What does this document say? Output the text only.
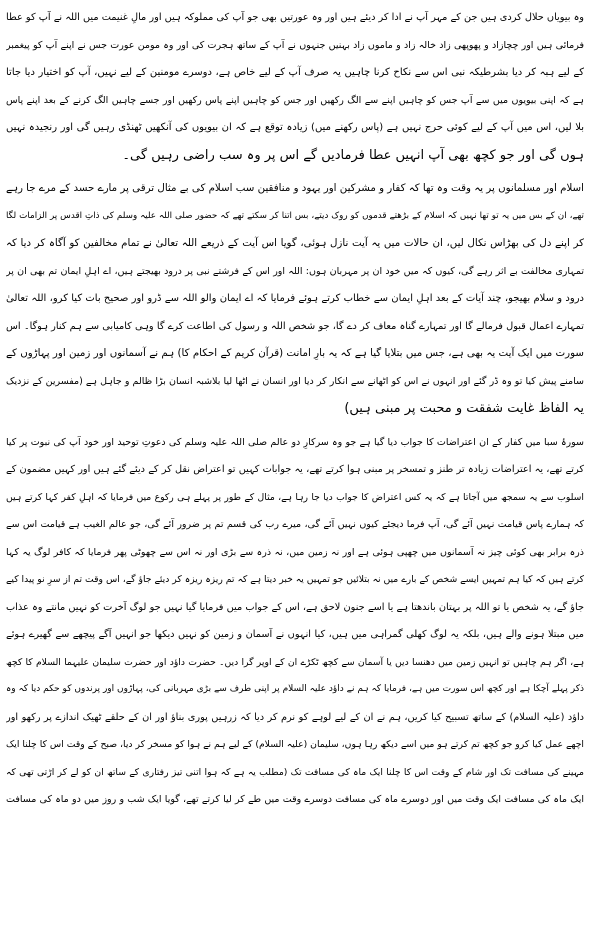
وہ بیویاں حلال کردی ہیں جن کے مہر آپ نے ادا کر دیئے ہیں اور وہ عورتیں بھی جو آپ کی مملوکہ ہیں اور مالِ غنیمت میں اللہ نے آپ کو عطا
فرمائی ہیں اور چچازاد و پھوپھی زاد خالہ زاد و ماموں زاد بہنیں جنہوں نے آپ کے ساتھ ہجرت کی اور وہ مومن عورت جس نے اپنے آپ کو پیغمبر
کے لیے ہبہ کر دیا بشرطیکہ نبی اس سے نکاح کرنا چاہیں یہ صرف آپ کے لیے خاص ہے، دوسرے مومنین کے لیے نہیں، آپ کو اختیار دیا جاتا
ہے کہ اپنی بیویوں میں سے آپ جس کو چاہیں اپنے سے الگ رکھیں اور جس کو چاہیں اپنے پاس رکھیں اور جسے چاہیں الگ کرنے کے بعد اپنے پاس
بلا لیں، اس میں آپ کے لیے کوئی حرج نہیں ہے (پاس رکھنے میں) زیادہ توقع ہے کہ ان بیویوں کی آنکھیں ٹھنڈی رہیں گی اور رنجیدہ نہیں
ہوں گی اور جو کچھ بھی آپ انہیں عطا فرمادیں گے اس پر وہ سب راضی رہیں گی۔
اسلام اور مسلمانوں پر یہ وقت وہ تھا کہ کفار و مشرکین اور یہود و منافقین سب اسلام کی بے مثال ترقی پر مارے حسد کے مرے جا رہے
تھے، ان کے بس میں یہ تو تھا نہیں کہ اسلام کے بڑھتے قدموں کو روک دیتے، بس اتنا کر سکتے تھے کہ حضور صلی اللہ علیہ وسلم کی ذاتِ اقدس پر الزامات لگا
کر اپنے دل کی بھڑاس نکال لیں، ان حالات میں یہ آیت نازل ہوئی، گویا اس آیت کے ذریعے اللہ تعالیٰ نے تمام مخالفین کو آگاہ کر دیا کہ
تمہاری مخالفت بے اثر رہے گی، کیوں کہ میں خود ان پر مہربان ہوں: اللہ اور اس کے فرشتے نبی پر درود بھیجتے ہیں، اے اہلِ ایمان تم بھی ان پر
درود و سلام بھیجو، چند آیات کے بعد اہلِ ایمان سے خطاب کرتے ہوئے فرمایا کہ اے ایمان والو اللہ سے ڈرو اور صحیح بات کیا کرو، اللہ تعالیٰ
تمہارے اعمال قبول فرمالے گا اور تمہارے گناہ معاف کر دے گا، جو شخص اللہ و رسول کی اطاعت کرے گا وہی کامیابی سے ہم کنار ہوگا۔ اس
سورت میں ایک آیت یہ بھی ہے، جس میں بتلایا گیا ہے کہ یہ بارِ امانت (قرآن کریم کے احکام کا) ہم نے آسمانوں اور زمین اور پہاڑوں کے
سامنے پیش کیا تو وہ ڈر گئے اور انہوں نے اس کو اٹھانے سے انکار کر دیا اور انسان نے اٹھا لیا بلاشبہ انسان بڑا ظالم و جاہل ہے (مفسرین کے نزدیک
یہ الفاظ غایت شفقت و محبت پر مبنی ہیں)
سورۂ سبا میں کفار کے ان اعتراضات کا جواب دیا گیا ہے جو وہ سرکارِ دو عالم صلی اللہ علیہ وسلم کی دعوتِ توحید اور خود آپ کی نبوت پر کیا
کرتے تھے، یہ اعتراضات زیادہ تر طنز و تمسخر پر مبنی ہوا کرتے تھے، یہ جوابات کہیں تو اعتراض نقل کر کے دیئے گئے ہیں اور کہیں مضمون کے
اسلوب سے یہ سمجھ میں آجاتا ہے کہ یہ کس اعتراض کا جواب دیا جا رہا ہے، مثال کے طور پر پہلے ہی رکوع میں فرمایا کہ اہلِ کفر کہا کرتے ہیں
کہ ہمارے پاس قیامت نہیں آئے گی، آپ فرما دیجئے کیوں نہیں آئے گی، میرے رب کی قسم تم پر ضرور آئے گی، جو عالم الغیب ہے قیامت اس سے
ذرہ برابر بھی کوئی چیز نہ آسمانوں میں چھپی ہوئی ہے اور نہ زمین میں، نہ ذرہ سے بڑی اور نہ اس سے چھوٹی پھر فرمایا کہ کافر لوگ یہ کہا
کرتے ہیں کہ کیا ہم تمہیں ایسے شخص کے بارے میں نہ بتلائیں جو تمہیں یہ خبر دیتا ہے کہ تم ریزہ ریزہ کر دیئے جاؤ گے، اس وقت تم از سرِ نو پیدا کیے
جاؤ گے، یہ شخص یا تو اللہ پر بہتان باندھتا ہے یا اسے جنون لاحق ہے، اس کے جواب میں فرمایا گیا نہیں جو لوگ آخرت کو نہیں مانتے وہ عذاب
میں مبتلا ہونے والے ہیں، بلکہ یہ لوگ کھلی گمراہی میں ہیں، کیا انہوں نے آسمان و زمین کو نہیں دیکھا جو انہیں آگے پیچھے سے گھیرے ہوئے
ہے، اگر ہم چاہیں تو انہیں زمین میں دھنسا دیں یا آسمان سے کچھ ٹکڑے ان کے اوپر گرا دیں۔ حضرت داؤد اور حضرت سلیمان علیہما السلام کا کچھ
ذکر پہلے آچکا ہے اور کچھ اس سورت میں ہے، فرمایا کہ ہم نے داؤد علیہ السلام پر اپنی طرف سے بڑی مہربانی کی، پہاڑوں اور پرندوں کو حکم دیا کہ وہ
داؤد (علیہ السلام) کے ساتھ تسبیح کیا کریں، ہم نے ان کے لیے لوہے کو نرم کر دیا کہ زرہیں پوری بناؤ اور ان کے حلقے ٹھیک اندازے پر رکھو اور
اچھے عمل کیا کرو جو کچھ تم کرتے ہو میں اسے دیکھ رہا ہوں، سلیمان (علیہ السلام) کے لیے ہم نے ہوا کو مسخر کر دیا، صبح کے وقت اس کا چلنا ایک
مہینے کی مسافت تک اور شام کے وقت اس کا چلنا ایک ماہ کی مسافت تک (مطلب یہ ہے کہ ہوا اتنی تیز رفتاری کے ساتھ ان کو لے کر اڑتی تھی کہ
ایک ماہ کی مسافت ایک وقت میں اور دوسرے ماہ کی مسافت دوسرے وقت میں طے کر لیا کرتے تھے، گویا ایک شب و روز میں دو ماہ کی مسافت
